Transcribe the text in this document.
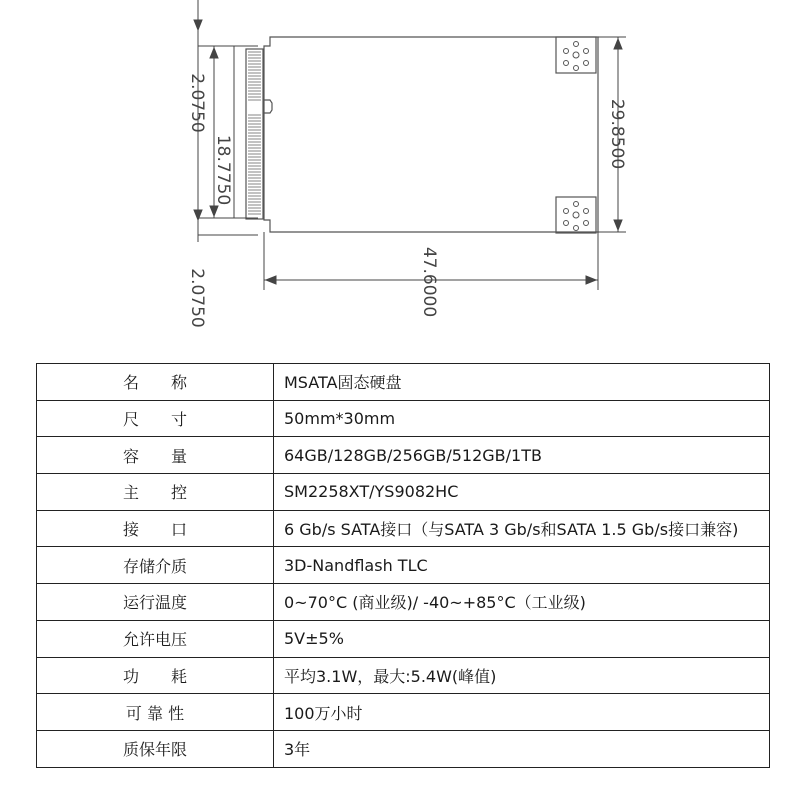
2.0750
18.7750
2.0750
29.8500
47.6000
名　　称	MSATA固态硬盘
尺　　寸	50mm*30mm
容　　量	64GB/128GB/256GB/512GB/1TB
主　　控	SM2258XT/YS9082HC
接　　口	6 Gb/s SATA接口（与SATA 3 Gb/s和SATA 1.5 Gb/s接口兼容)
存储介质	3D-Nandflash TLC
运行温度	0~70°C (商业级)/ -40~+85°C（工业级)
允许电压	5V±5%
功　　耗	平均3.1W，最大:5.4W(峰值)
可 靠 性	100万小时
质保年限	3年
